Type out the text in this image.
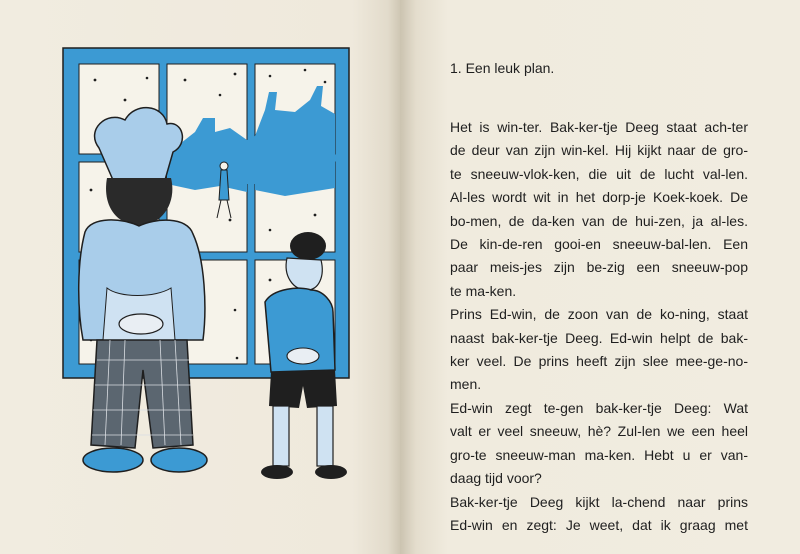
1. Een leuk plan.

Het is win-ter. Bak-ker-tje Deeg staat ach-ter
de deur van zijn win-kel. Hij kijkt naar de gro-
te sneeuw-vlok-ken, die uit de lucht val-len.
Al-les wordt wit in het dorp-je Koek-koek. De
bo-men, de da-ken van de hui-zen, ja al-les.
De kin-de-ren gooi-en sneeuw-bal-len. Een
paar meis-jes zijn be-zig een sneeuw-pop
te ma-ken.

Prins Ed-win, de zoon van de ko-ning, staat
naast bak-ker-tje Deeg. Ed-win helpt de bak-
ker veel. De prins heeft zijn slee mee-ge-no-
men.

Ed-win zegt te-gen bak-ker-tje Deeg: Wat
valt er veel sneeuw, hè? Zul-len we een heel
gro-te sneeuw-man ma-ken. Hebt u er van-
daag tijd voor?

Bak-ker-tje Deeg kijkt la-chend naar prins
Ed-win en zegt: Je weet, dat ik graag met
